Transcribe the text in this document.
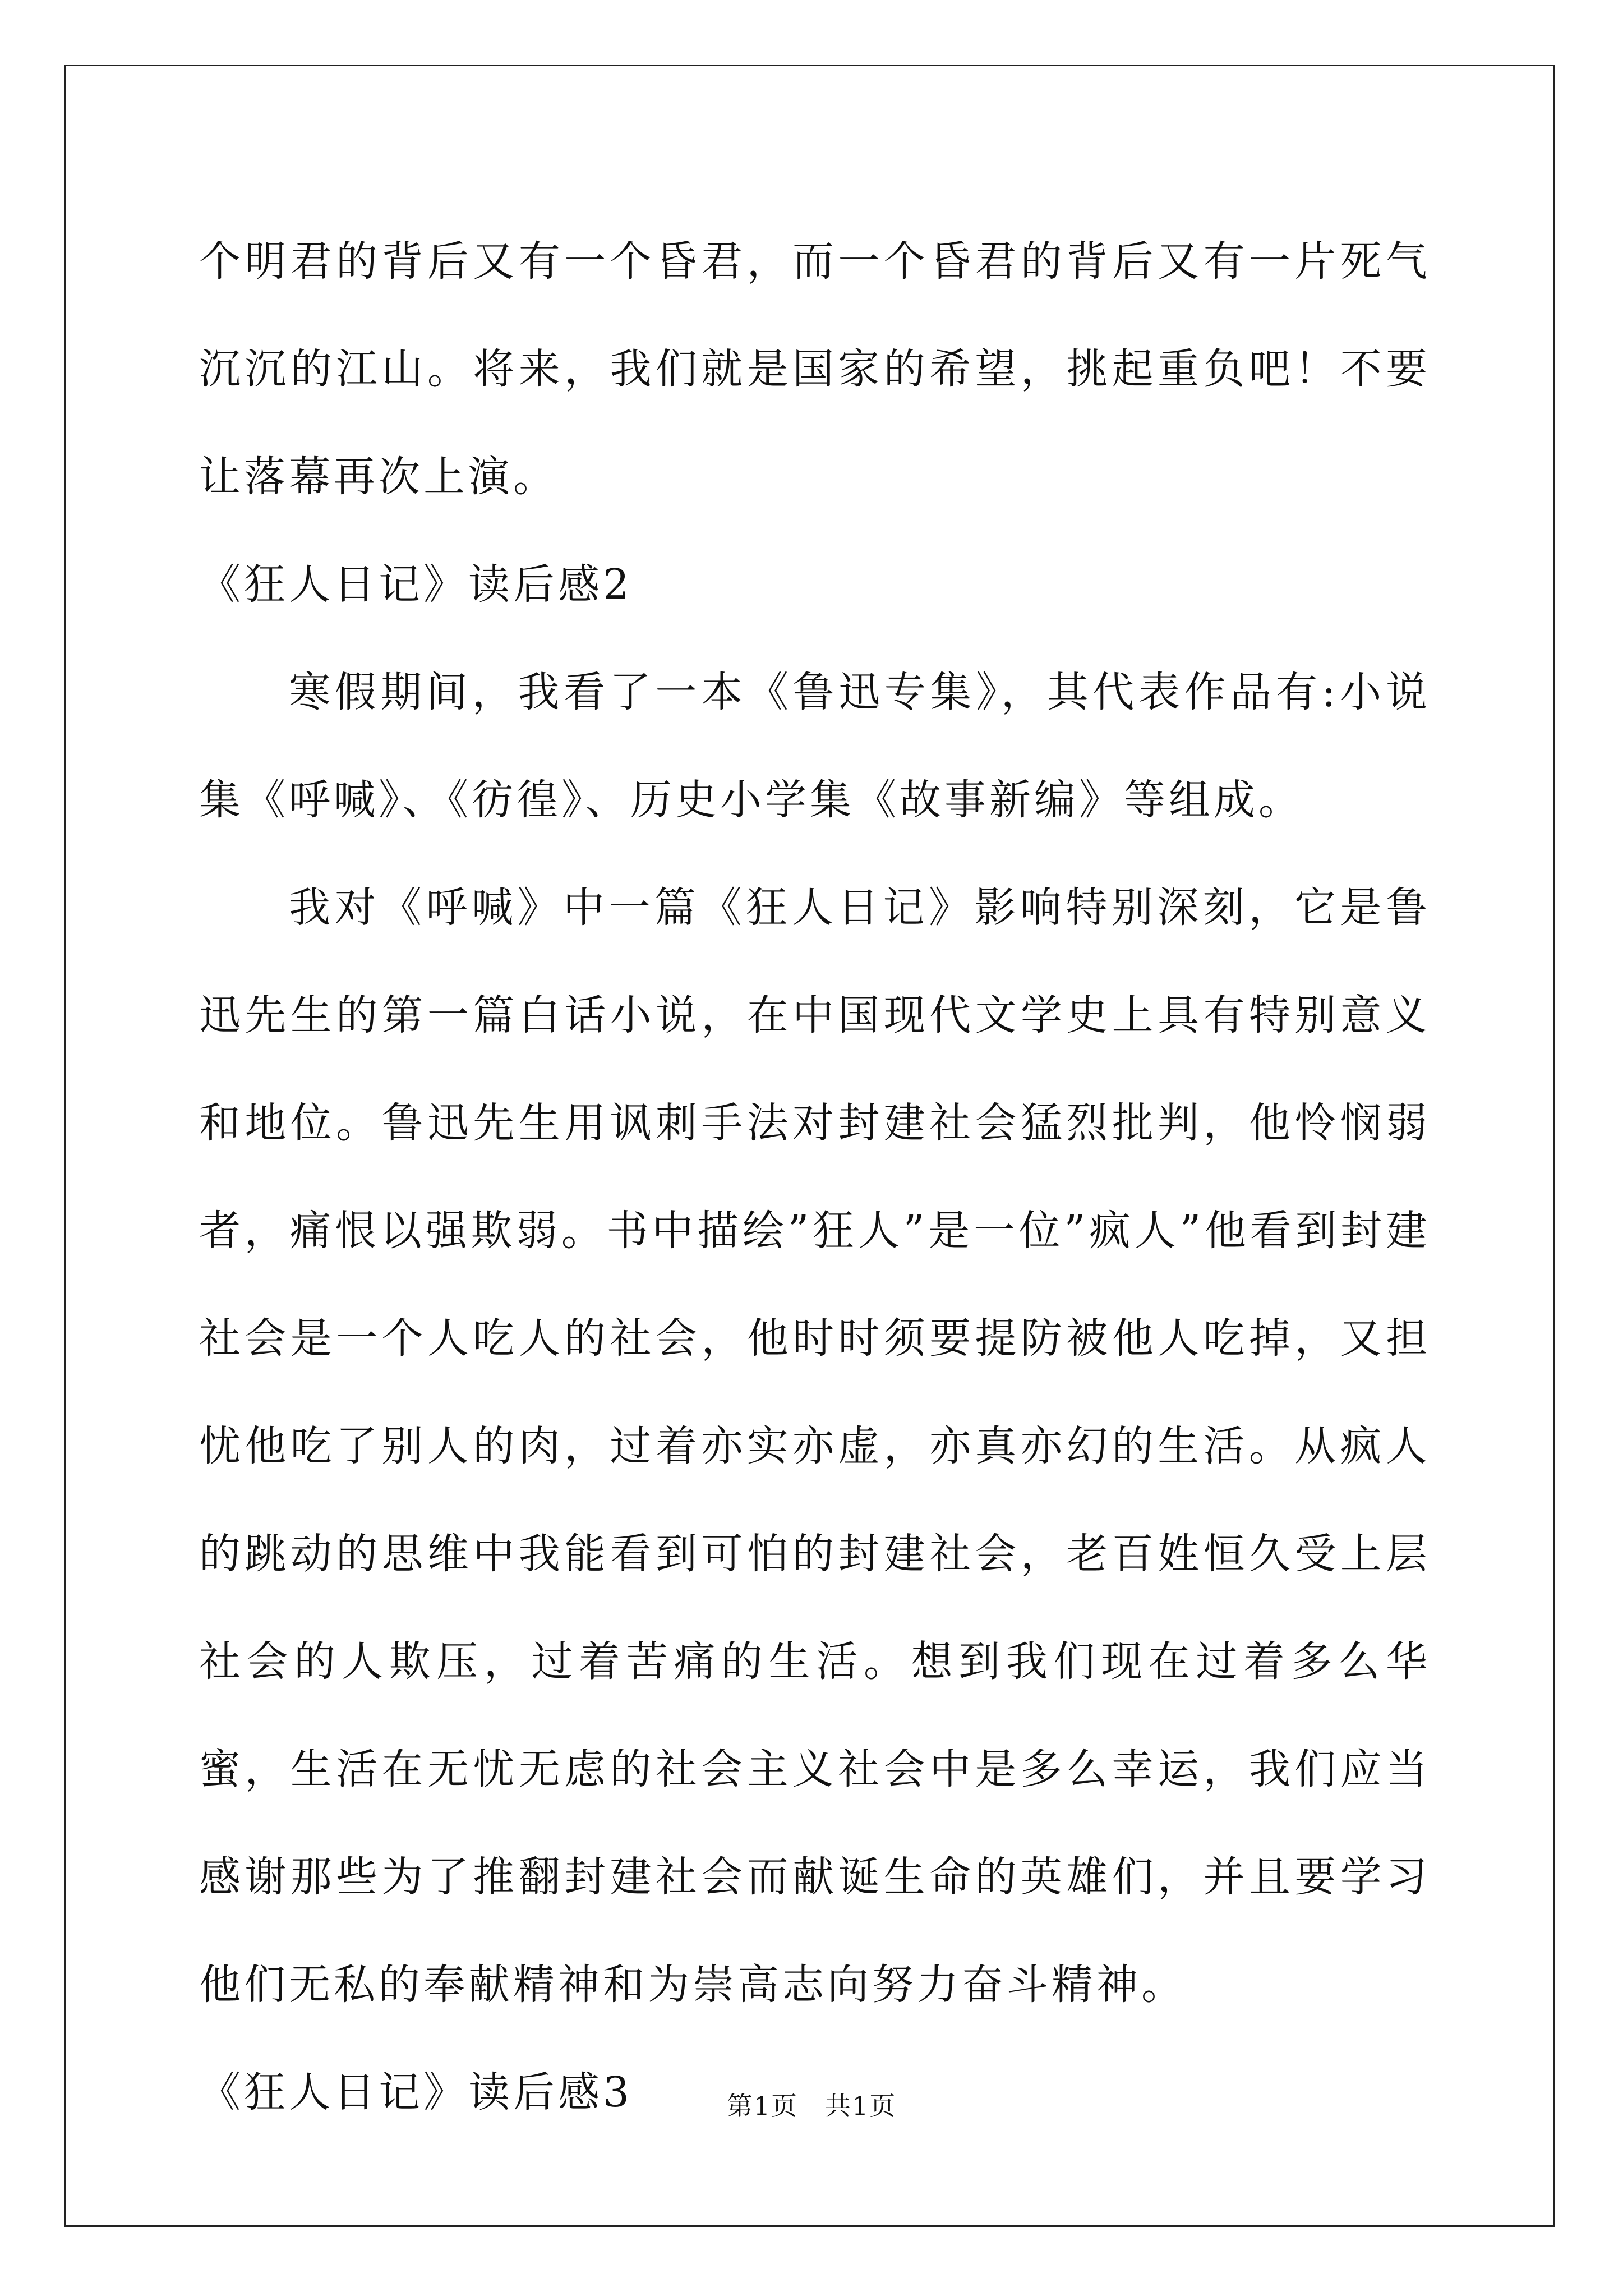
个明君的背后又有一个昏君，而一个昏君的背后又有一片死气沉沉的江山。将来，我们就是国家的希望，挑起重负吧！不要让落幕再次上演。

《狂人日记》读后感2

寒假期间，我看了一本《鲁迅专集》，其代表作品有:小说集《呼喊》、《彷徨》、历史小学集《故事新编》等组成。

我对《呼喊》中一篇《狂人日记》影响特别深刻，它是鲁迅先生的第一篇白话小说，在中国现代文学史上具有特别意义和地位。鲁迅先生用讽刺手法对封建社会猛烈批判，他怜悯弱者，痛恨以强欺弱。书中描绘”狂人”是一位”疯人”他看到封建社会是一个人吃人的社会，他时时须要提防被他人吃掉，又担忧他吃了别人的肉，过着亦实亦虚，亦真亦幻的生活。从疯人的跳动的思维中我能看到可怕的封建社会，老百姓恒久受上层社会的人欺压，过着苦痛的生活。想到我们现在过着多么华蜜，生活在无忧无虑的社会主义社会中是多么幸运，我们应当感谢那些为了推翻封建社会而献诞生命的英雄们，并且要学习他们无私的奉献精神和为崇高志向努力奋斗精神。

《狂人日记》读后感3	第1页 共1页
